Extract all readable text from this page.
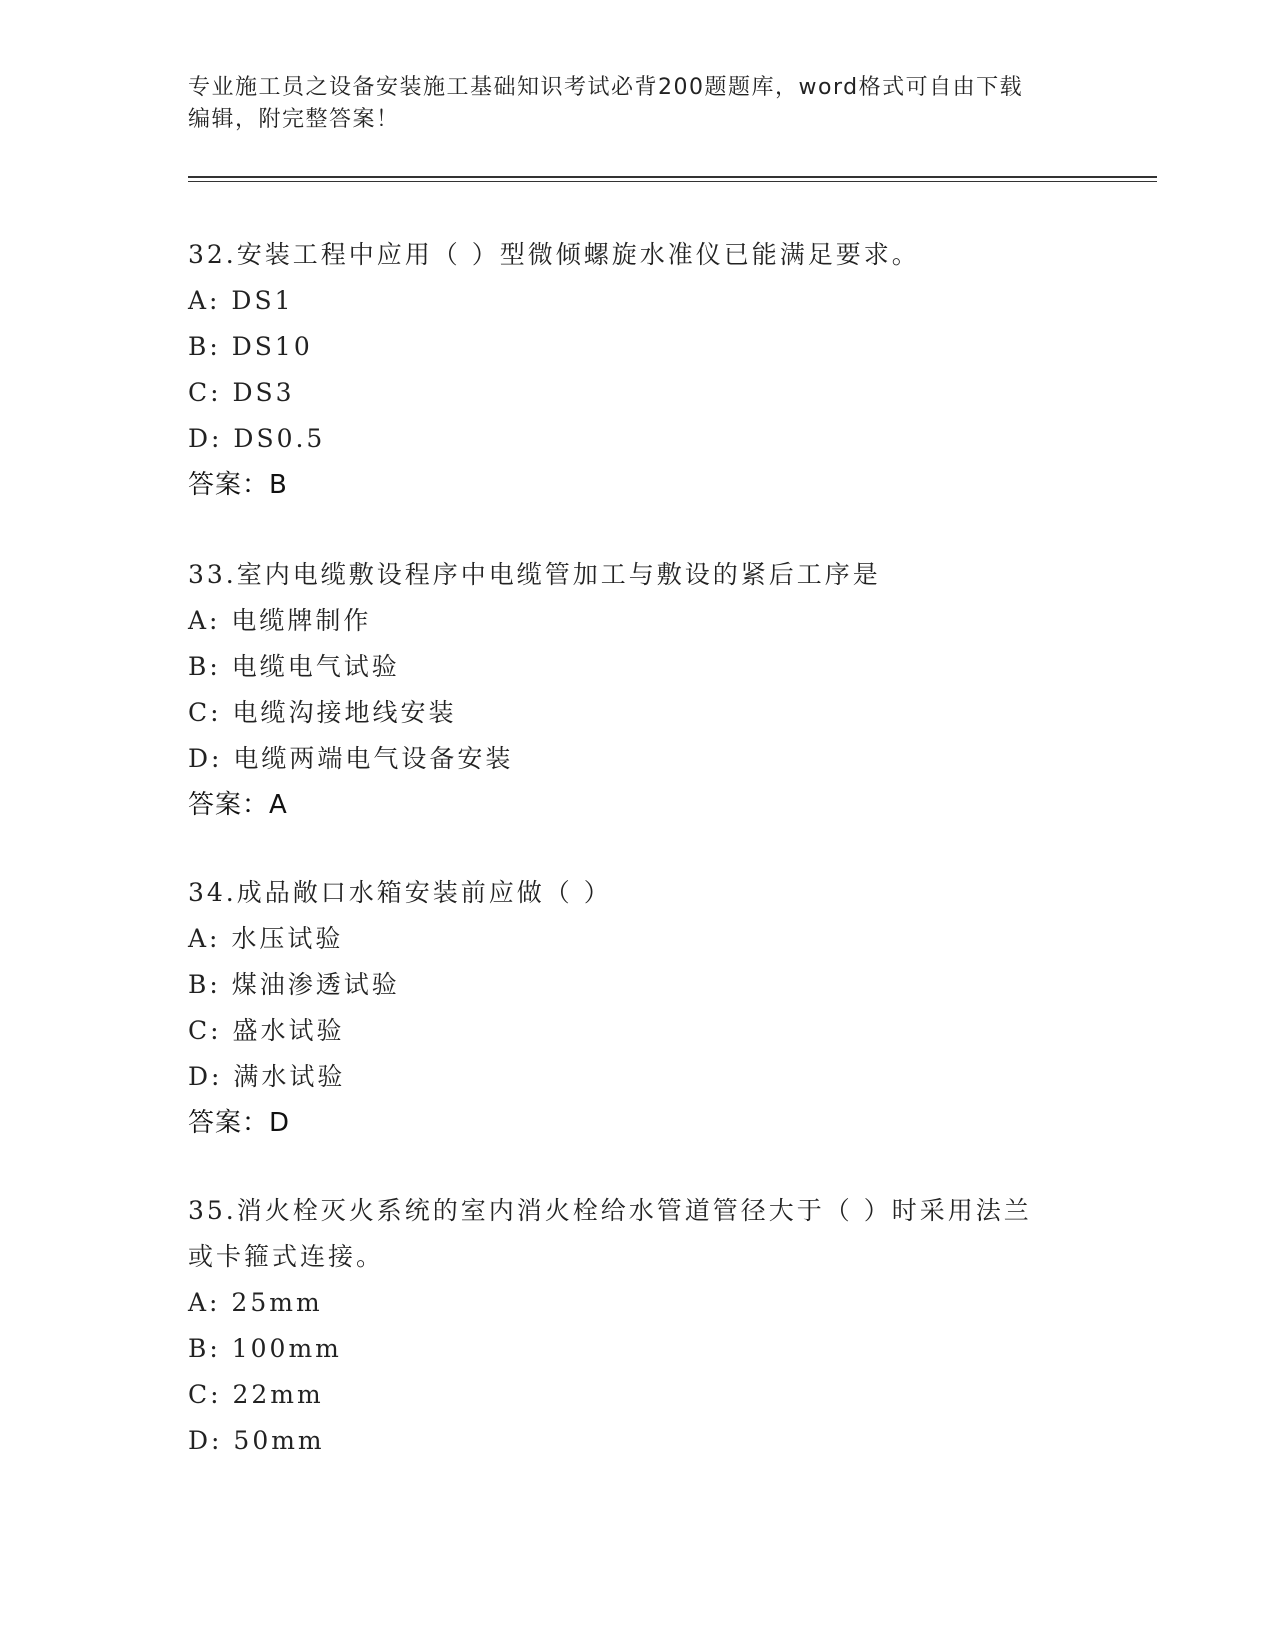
专业施工员之设备安装施工基础知识考试必背200题题库，word格式可自由下载
编辑，附完整答案！

32.安装工程中应用（ ）型微倾螺旋水准仪已能满足要求。

A: DS1

B: DS10

C: DS3

D: DS0.5

答案：B

33.室内电缆敷设程序中电缆管加工与敷设的紧后工序是

A: 电缆牌制作

B: 电缆电气试验

C: 电缆沟接地线安装

D: 电缆两端电气设备安装

答案：A

34.成品敞口水箱安装前应做（ ）

A: 水压试验

B: 煤油渗透试验

C: 盛水试验

D: 满水试验

答案：D

35.消火栓灭火系统的室内消火栓给水管道管径大于（ ）时采用法兰

或卡箍式连接。

A: 25mm

B: 100mm

C: 22mm

D: 50mm
